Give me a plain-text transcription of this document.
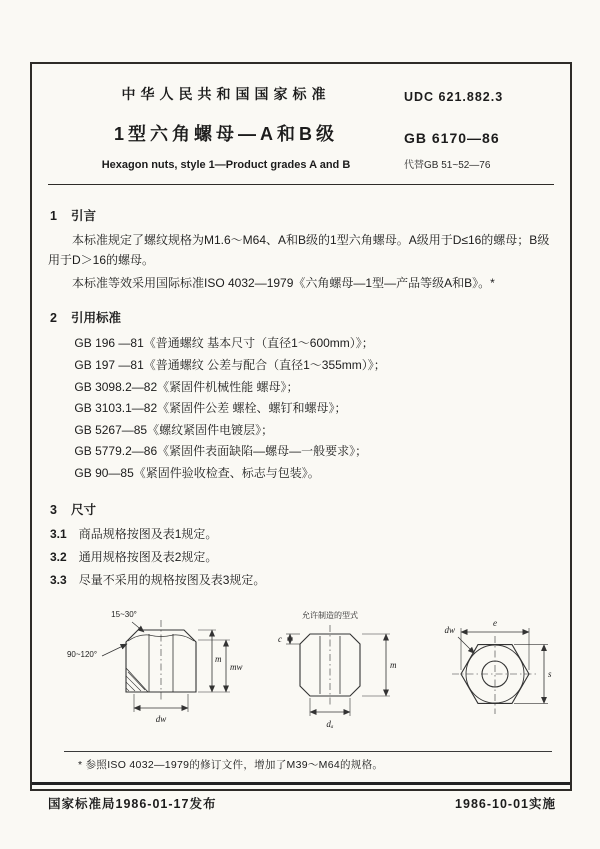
中华人民共和国国家标准	UDC 621.882.3
1型六角螺母—A和B级	GB 6170—86
Hexagon nuts, style 1—Product grades A and B	代替GB 51~52—76
1 引言

本标准规定了螺纹规格为M1.6～M64、A和B级的1型六角螺母。A级用于D≤16的螺母；B级用于D＞16的螺母。

本标准等效采用国际标准ISO 4032—1979《六角螺母—1型—产品等级A和B》。*

2 引用标准
GB 196 —81《普通螺纹 基本尺寸（直径1～600mm）》；
GB 197 —81《普通螺纹 公差与配合（直径1～355mm）》；
GB 3098.2—82《紧固件机械性能 螺母》；
GB 3103.1—82《紧固件公差 螺栓、螺钉和螺母》；
GB 5267—85《螺纹紧固件电镀层》；
GB 5779.2—86《紧固件表面缺陷—螺母—一般要求》；
GB 90—85《紧固件验收检查、标志与包装》。
3 尺寸
3.1 商品规格按图及表1规定。
3.2 通用规格按图及表2规定。
3.3 尽量不采用的规格按图及表3规定。
15~30°
90~120°	m
mw
dw
允许制造的型式
c
m
dₐ
e
s
dw
* 参照ISO 4032—1979的修订文件，增加了M39～M64的规格。
国家标准局1986-01-17发布	1986-10-01实施
